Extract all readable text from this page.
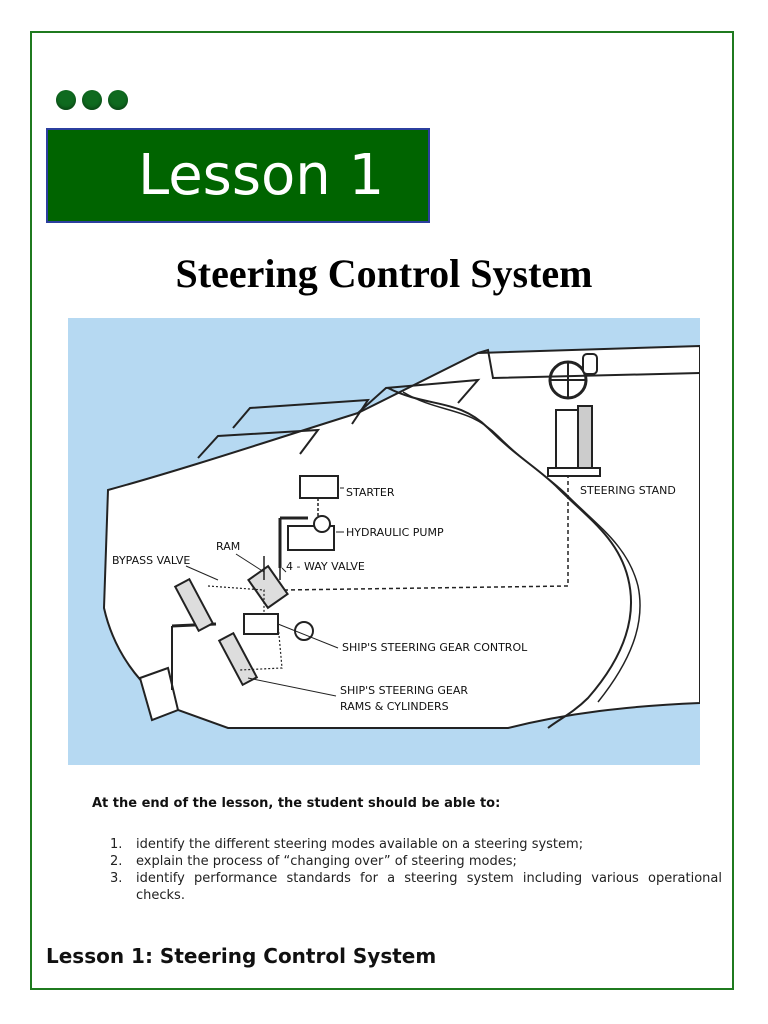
Lesson 1
Steering Control System
STARTER
HYDRAULIC PUMP
RAM
BYPASS VALVE	4 - WAY VALVE
STEERING STAND
SHIP'S STEERING GEAR CONTROL
SHIP'S STEERING GEAR
RAMS & CYLINDERS
At the end of the lesson, the student should be able to:
1. identify the different steering modes available on a steering system;
2. explain the process of “changing over” of steering modes;
3. identify performance standards for a steering system including various operational checks.
Lesson 1: Steering Control System
